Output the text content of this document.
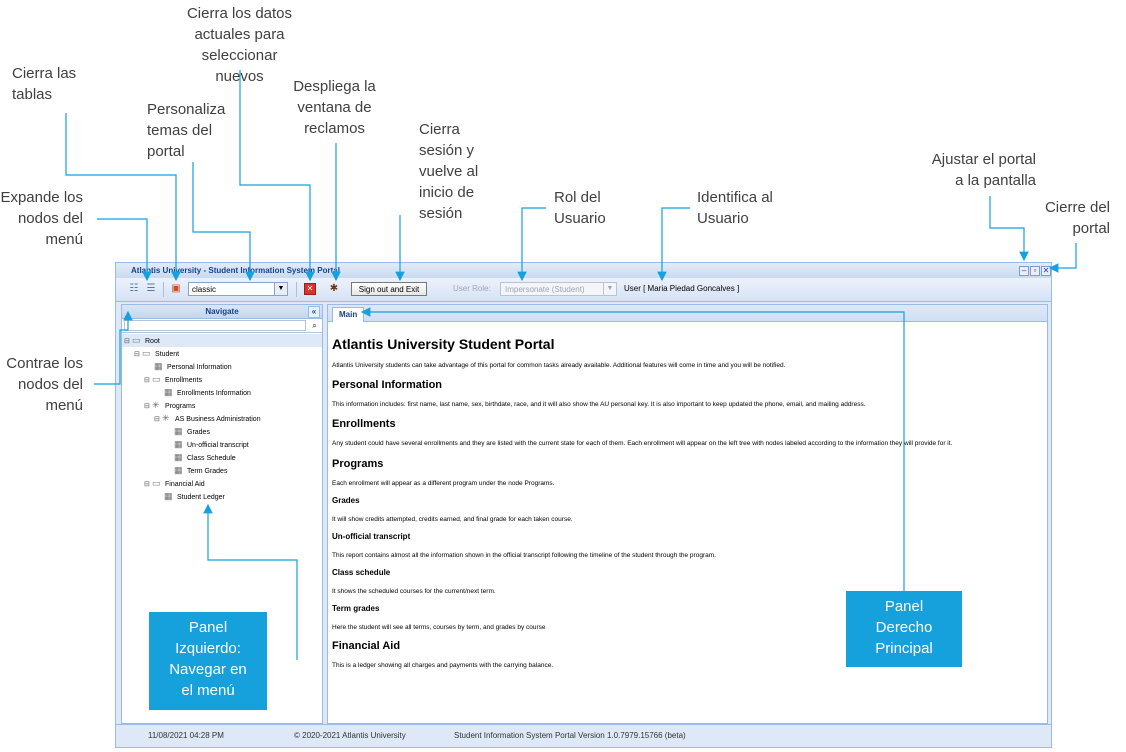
Cierra los datos
actuales para
seleccionar
nuevos
Cierra las
tablas	Despliega la
ventana de
reclamos
Personaliza
temas del
portal
Cierra
sesión y
vuelve al
inicio de
sesión
Rol del
Usuario
Identifica al
Usuario
Ajustar el portal
a la pantalla
Cierre del
portal
Expande los
nodos del
menú
Contrae los
nodos del
menú
Atlantis University - Student Information System Portal	– ▫ ✕
☷ ☰ ▣	classic	▼	✕ ✱	Sign out and Exit	User Role:	Impersonate (Student)	▼	User [ Maria Piedad Goncalves ]
Navigate	«
⌕
⊟ ▭ Root
⊟ ▭ Student
▦ Personal Information
⊟ ▭ Enrollments
▦ Enrollments Information
⊟ ✳ Programs
⊟ ✳ AS Business Administration
▦ Grades
▦ Un-official transcript
▦ Class Schedule
▦ Term Grades
⊟ ▭ Financial Aid
▦ Student Ledger
Main
Atlantis University Student Portal
Atlantis University students can take advantage of this portal for common tasks already available. Additional features will come in time and you will be notified.
Personal Information
This information includes: first name, last name, sex, birthdate, race, and it will also show the AU personal key. It is also important to keep updated the phone, email, and mailing address.
Enrollments
Any student could have several enrollments and they are listed with the current state for each of them. Each enrollment will appear on the left tree with nodes labeled according to the information they will provide for it.
Programs
Each enrollment will appear as a different program under the node Programs.
Grades
It will show credits attempted, credits earned, and final grade for each taken course.
Un-official transcript
This report contains almost all the information shown in the official transcript following the timeline of the student through the program.
Class schedule
It shows the scheduled courses for the current/next term.
Term grades
Here the student will see all terms, courses by term, and grades by course
Financial Aid
This is a ledger showing all charges and payments with the carrying balance.
11/08/2021 04:28 PM	© 2020-2021 Atlantis University	Student Information System Portal Version 1.0.7979.15766 (beta)
Panel
Izquierdo:
Navegar en
el menú
Panel
Derecho
Principal
